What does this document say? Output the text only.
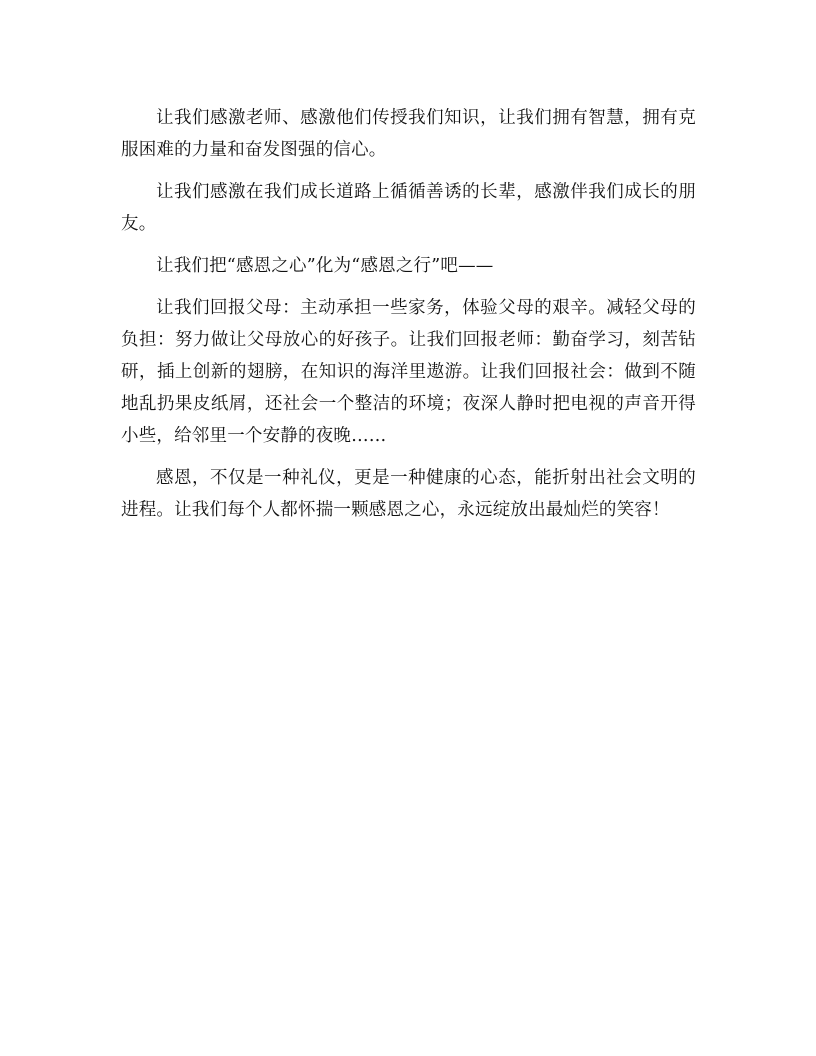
让我们感激老师、感激他们传授我们知识，让我们拥有智慧，拥有克服困难的力量和奋发图强的信心。

让我们感激在我们成长道路上循循善诱的长辈，感激伴我们成长的朋友。

让我们把“感恩之心”化为“感恩之行”吧——

让我们回报父母：主动承担一些家务，体验父母的艰辛。减轻父母的负担：努力做让父母放心的好孩子。让我们回报老师：勤奋学习，刻苦钻研，插上创新的翅膀，在知识的海洋里遨游。让我们回报社会：做到不随地乱扔果皮纸屑，还社会一个整洁的环境；夜深人静时把电视的声音开得小些，给邻里一个安静的夜晚……

感恩，不仅是一种礼仪，更是一种健康的心态，能折射出社会文明的进程。让我们每个人都怀揣一颗感恩之心，永远绽放出最灿烂的笑容！
